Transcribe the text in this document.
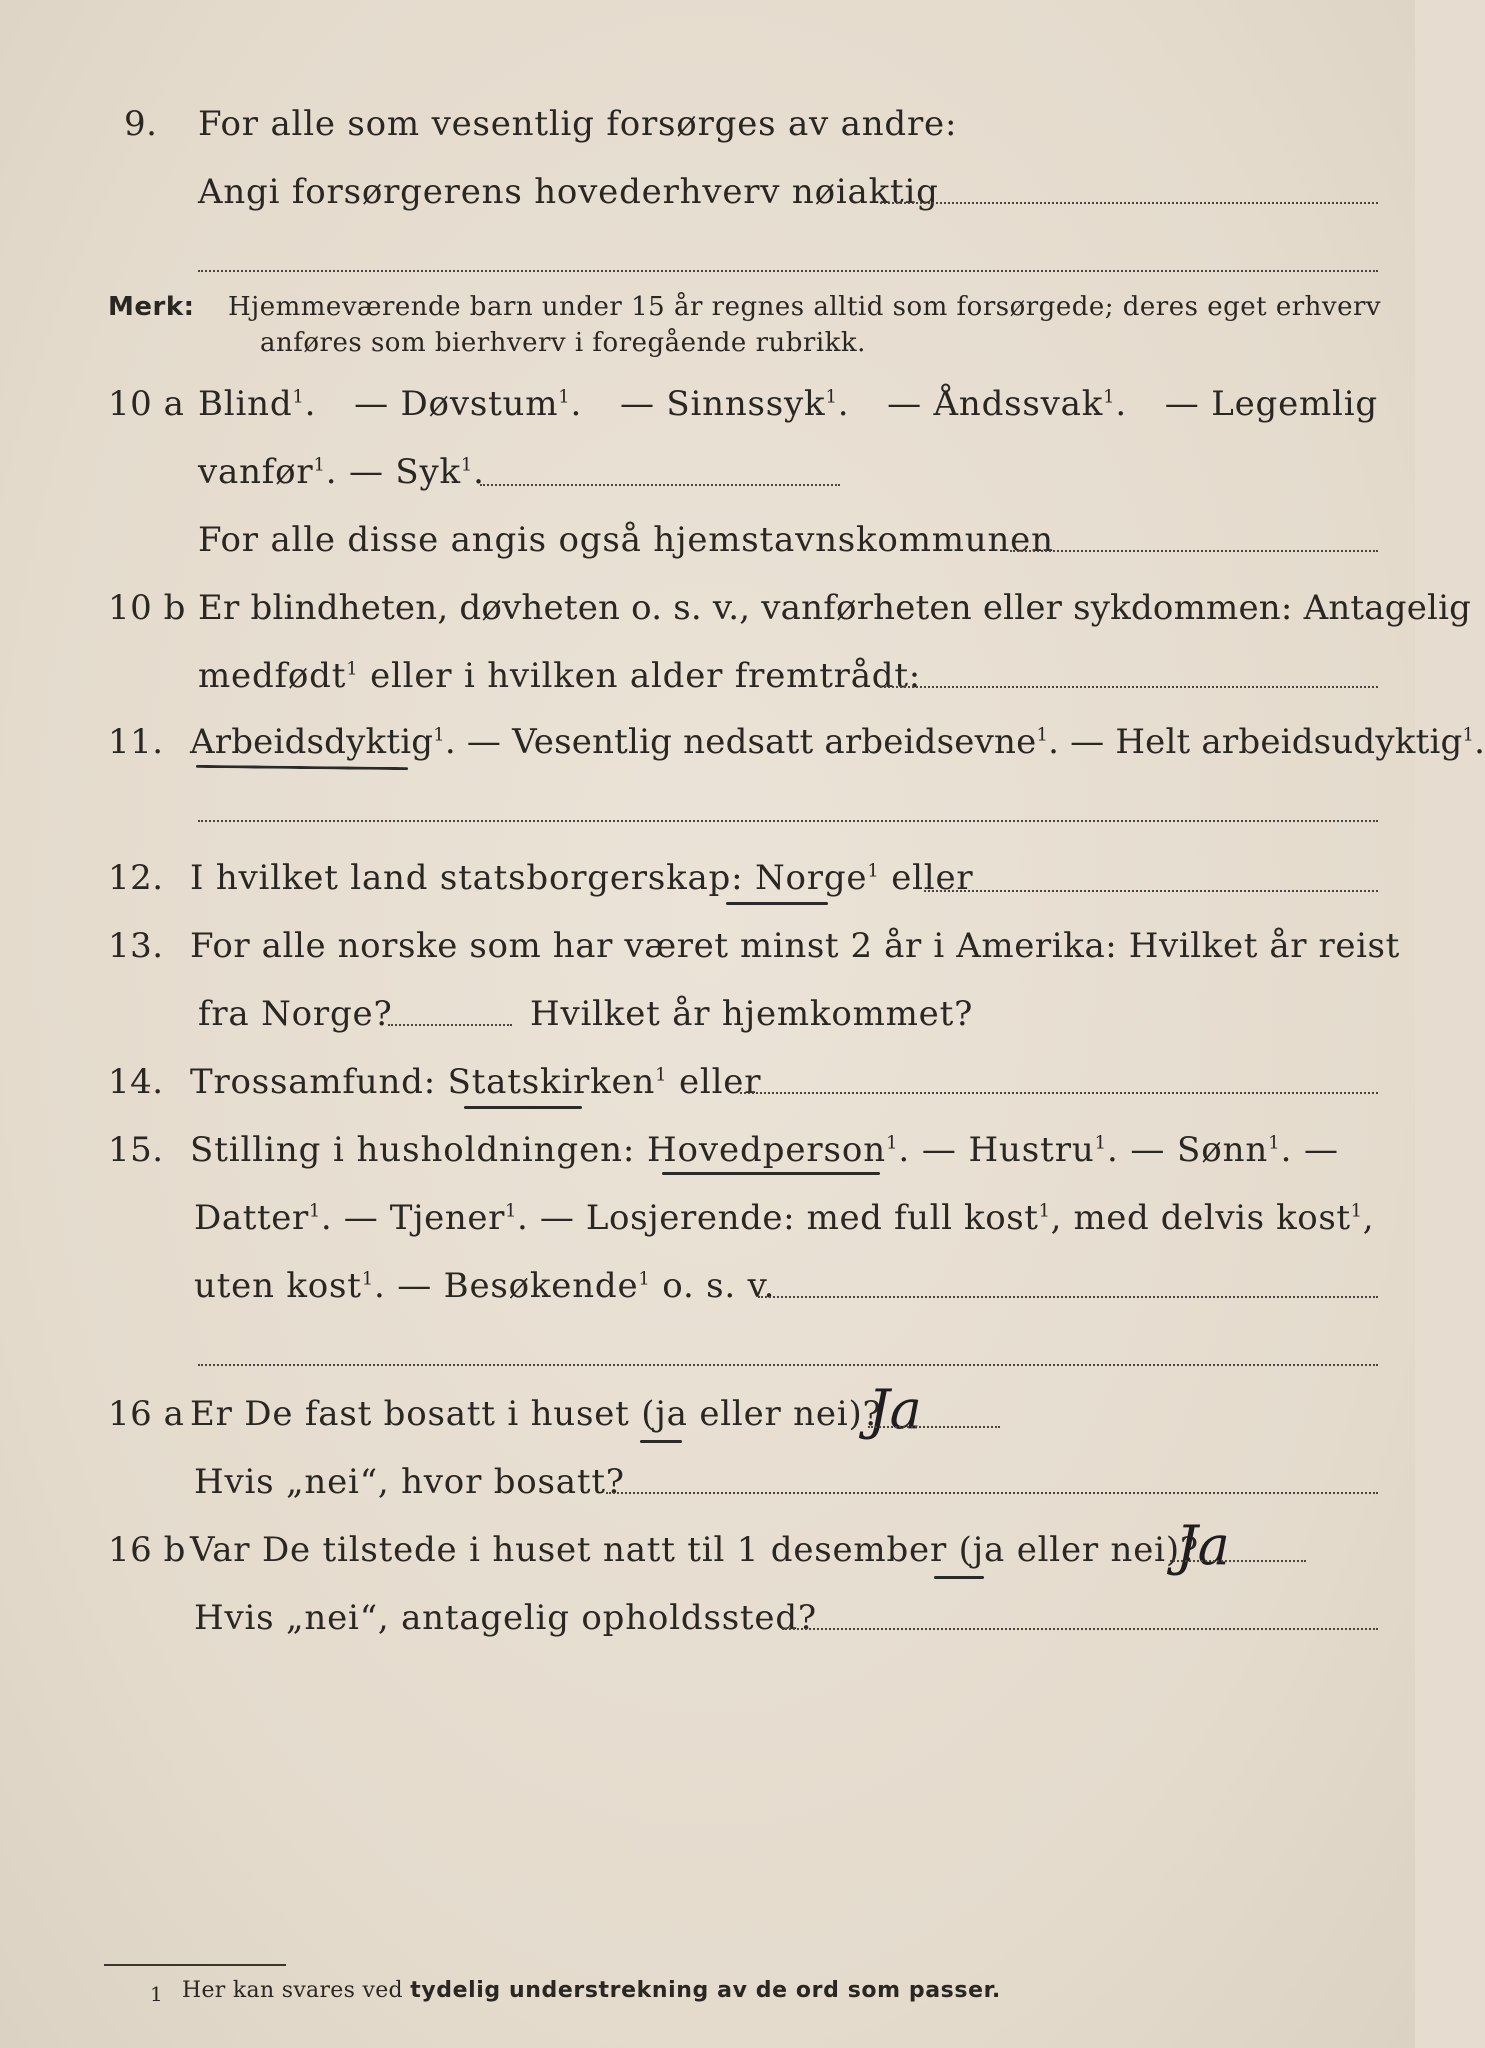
9. For alle som vesentlig forsørges av andre:
Angi forsørgerens hovederhverv nøiaktig
Merk: Hjemmeværende barn under 15 år regnes alltid som forsørgede; deres eget erhverv
anføres som bierhverv i foregående rubrikk.
10 a Blind$^1$. — Døvstum$^1$. — Sinnssyk$^1$. — Åndssvak$^1$. — Legemlig
vanfør$^1$. — Syk$^1$.
For alle disse angis også hjemstavnskommunen
10 b Er blindheten, døvheten o. s. v., vanførheten eller sykdommen: Antagelig
medfødt$^1$ eller i hvilken alder fremtrådt:
11. Arbeidsdyktig$^1$. — Vesentlig nedsatt arbeidsevne$^1$. — Helt arbeidsudyktig$^1$.
12. I hvilket land statsborgerskap: Norge$^1$ eller
13. For alle norske som har været minst 2 år i Amerika: Hvilket år reist
fra Norge?	Hvilket år hjemkommet?
14. Trossamfund: Statskirken$^1$ eller
15. Stilling i husholdningen: Hovedperson$^1$. — Hustru$^1$. — Sønn$^1$. —
Datter$^1$. — Tjener$^1$. — Losjerende: med full kost$^1$, med delvis kost$^1$,
uten kost$^1$. — Besøkende$^1$ o. s. v.
16 a Er De fast bosatt i huset (ja eller nei)?
Ja
Hvis „nei“, hvor bosatt?
16 b Var De tilstede i huset natt til 1 desember (ja eller nei)?
Ja
Hvis „nei“, antagelig opholdssted?
1 Her kan svares ved tydelig understrekning av de ord som passer.
